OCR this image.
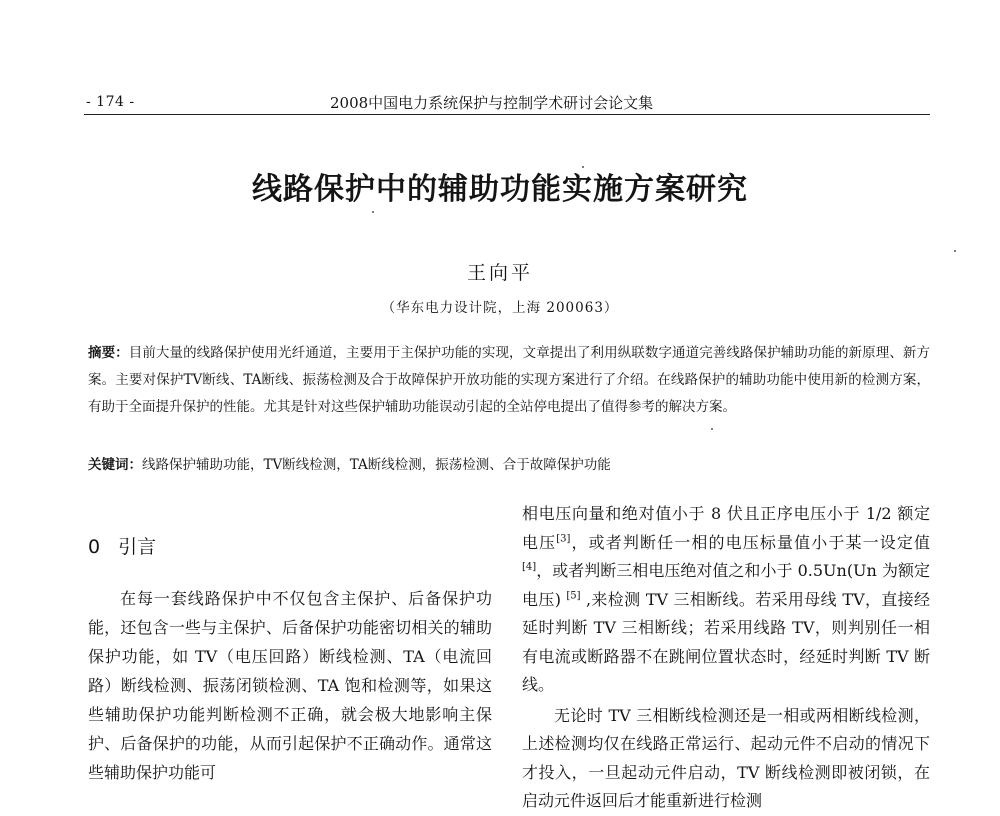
- 174 -	2008中国电力系统保护与控制学术研讨会论文集
线路保护中的辅助功能实施方案研究
王向平
（华东电力设计院，上海 200063）
摘要：目前大量的线路保护使用光纤通道，主要用于主保护功能的实现，文章提出了利用纵联数字通道完善线路保护辅助功能的新原理、新方案。主要对保护TV断线、TA断线、振荡检测及合于故障保护开放功能的实现方案进行了介绍。在线路保护的辅助功能中使用新的检测方案，有助于全面提升保护的性能。尤其是针对这些保护辅助功能误动引起的全站停电提出了值得参考的解决方案。
关键词：线路保护辅助功能，TV断线检测，TA断线检测，振荡检测、合于故障保护功能
0 引言

在每一套线路保护中不仅包含主保护、后备保护功能，还包含一些与主保护、后备保护功能密切相关的辅助保护功能，如 TV（电压回路）断线检测、TA（电流回路）断线检测、振荡闭锁检测、TA 饱和检测等，如果这些辅助保护功能判断检测不正确，就会极大地影响主保护、后备保护的功能，从而引起保护不正确动作。通常这些辅助保护功能可

相电压向量和绝对值小于 8 伏且正序电压小于 1/2 额定电压[3]，或者判断任一相的电压标量值小于某一设定值[4]，或者判断三相电压绝对值之和小于 0.5Un(Un 为额定电压) [5] ,来检测 TV 三相断线。若采用母线 TV，直接经延时判断 TV 三相断线；若采用线路 TV，则判别任一相有电流或断路器不在跳闸位置状态时，经延时判断 TV 断线。

无论时 TV 三相断线检测还是一相或两相断线检测，上述检测均仅在线路正常运行、起动元件不启动的情况下才投入，一旦起动元件启动，TV 断线检测即被闭锁，在启动元件返回后才能重新进行检测
